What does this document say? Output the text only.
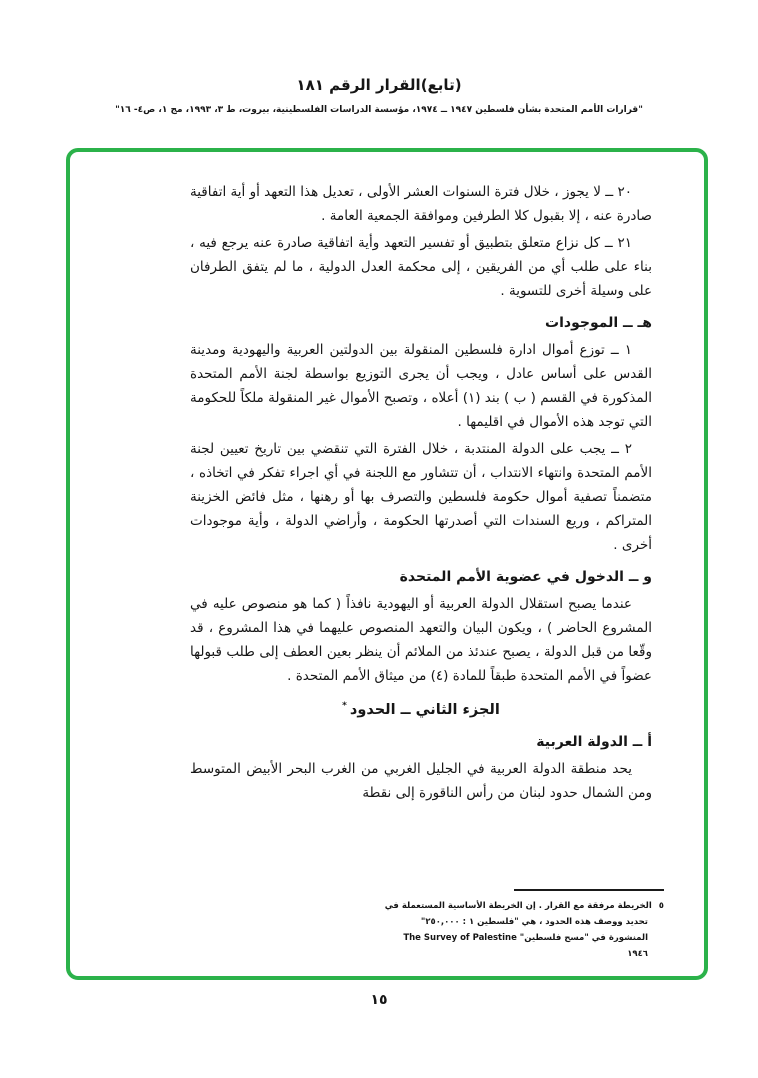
(تابع)القرار الرقم ١٨١
"قرارات الأمم المتحدة بشأن فلسطين ١٩٤٧ ــ ١٩٧٤، مؤسسة الدراسات الفلسطينية، بيروت، ط ٣، ١٩٩٣، مج ١، ص٤- ١٦"

٢٠ ــ لا يجوز ، خلال فترة السنوات العشر الأولى ، تعديل هذا التعهد أو أية اتفاقية صادرة عنه ، إلا بقبول كلا الطرفين وموافقة الجمعية العامة .

٢١ ــ كل نزاع متعلق بتطبيق أو تفسير التعهد وأية اتفاقية صادرة عنه يرجع فيه ، بناء على طلب أي من الفريقين ، إلى محكمة العدل الدولية ، ما لم يتفق الطرفان على وسيلة أخرى للتسوية .

هـ ــ الموجودات

١ ــ توزع أموال ادارة فلسطين المنقولة بين الدولتين العربية واليهودية ومدينة القدس على أساس عادل ، ويجب أن يجرى التوزيع بواسطة لجنة الأمم المتحدة المذكورة في القسم ( ب ) بند (١) أعلاه ، وتصبح الأموال غير المنقولة ملكاً للحكومة التي توجد هذه الأموال في اقليمها .

٢ ــ يجب على الدولة المنتدبة ، خلال الفترة التي تنقضي بين تاريخ تعيين لجنة الأمم المتحدة وانتهاء الانتداب ، أن تتشاور مع اللجنة في أي اجراء تفكر في اتخاذه ، متضمناً تصفية أموال حكومة فلسطين والتصرف بها أو رهنها ، مثل فائض الخزينة المتراكم ، وريع السندات التي أصدرتها الحكومة ، وأراضي الدولة ، وأية موجودات أخرى .

و ــ الدخول في عضوية الأمم المتحدة

عندما يصبح استقلال الدولة العربية أو اليهودية نافذاً ( كما هو منصوص عليه في المشروع الحاضر ) ، ويكون البيان والتعهد المنصوص عليهما في هذا المشروع ، قد وقّعا من قبل الدولة ، يصبح عندئذ من الملائم أن ينظر بعين العطف إلى طلب قبولها عضواً في الأمم المتحدة طبقاً للمادة (٤) من ميثاق الأمم المتحدة .

الجزء الثاني ــ الحدود*
أ ــ الدولة العربية

يحد منطقة الدولة العربية في الجليل الغربي من الغرب البحر الأبيض المتوسط ومن الشمال حدود لبنان من رأس الناقورة إلى نقطة

٥الخريطة مرفقة مع القرار . إن الخريطة الأساسية المستعملة في تحديد ووصف هذه الحدود ، هي "فلسطين ١ : ٢٥٠,٠٠٠" المنشورة في "مسح فلسطين" The Survey of Palestine ١٩٤٦
١٥
